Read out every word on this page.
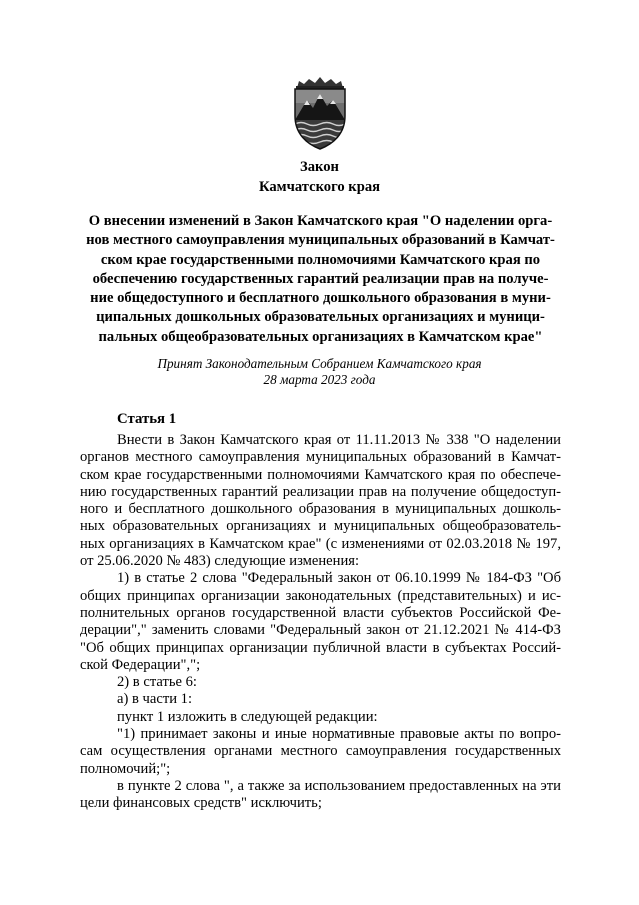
Закон
Камчатского края
О внесении изменений в Закон Камчатского края "О наделении орга-
нов местного самоуправления муниципальных образований в Камчат-
ском крае государственными полномочиями Камчатского края по
обеспечению государственных гарантий реализации прав на получе-
ние общедоступного и бесплатного дошкольного образования в муни-
ципальных дошкольных образовательных организациях и муници-
пальных общеобразовательных организациях в Камчатском крае"
Принят Законодательным Собранием Камчатского края
28 марта 2023 года
Статья 1
Внести в Закон Камчатского края от 11.11.2013 № 338 "О наделении
органов местного самоуправления муниципальных образований в Камчат-
ском крае государственными полномочиями Камчатского края по обеспече-
нию государственных гарантий реализации прав на получение общедоступ-
ного и бесплатного дошкольного образования в муниципальных дошколь-
ных образовательных организациях и муниципальных общеобразователь-
ных организациях в Камчатском крае" (с изменениями от 02.03.2018 № 197,
от 25.06.2020 № 483) следующие изменения:
1) в статье 2 слова "Федеральный закон от 06.10.1999 № 184-ФЗ "Об
общих принципах организации законодательных (представительных) и ис-
полнительных органов государственной власти субъектов Российской Фе-
дерации"," заменить словами "Федеральный закон от 21.12.2021 № 414-ФЗ
"Об общих принципах организации публичной власти в субъектах Россий-
ской Федерации",";
2) в статье 6:
а) в части 1:
пункт 1 изложить в следующей редакции:
"1) принимает законы и иные нормативные правовые акты по вопро-
сам осуществления органами местного самоуправления государственных
полномочий;";
в пункте 2 слова ", а также за использованием предоставленных на эти
цели финансовых средств" исключить;
